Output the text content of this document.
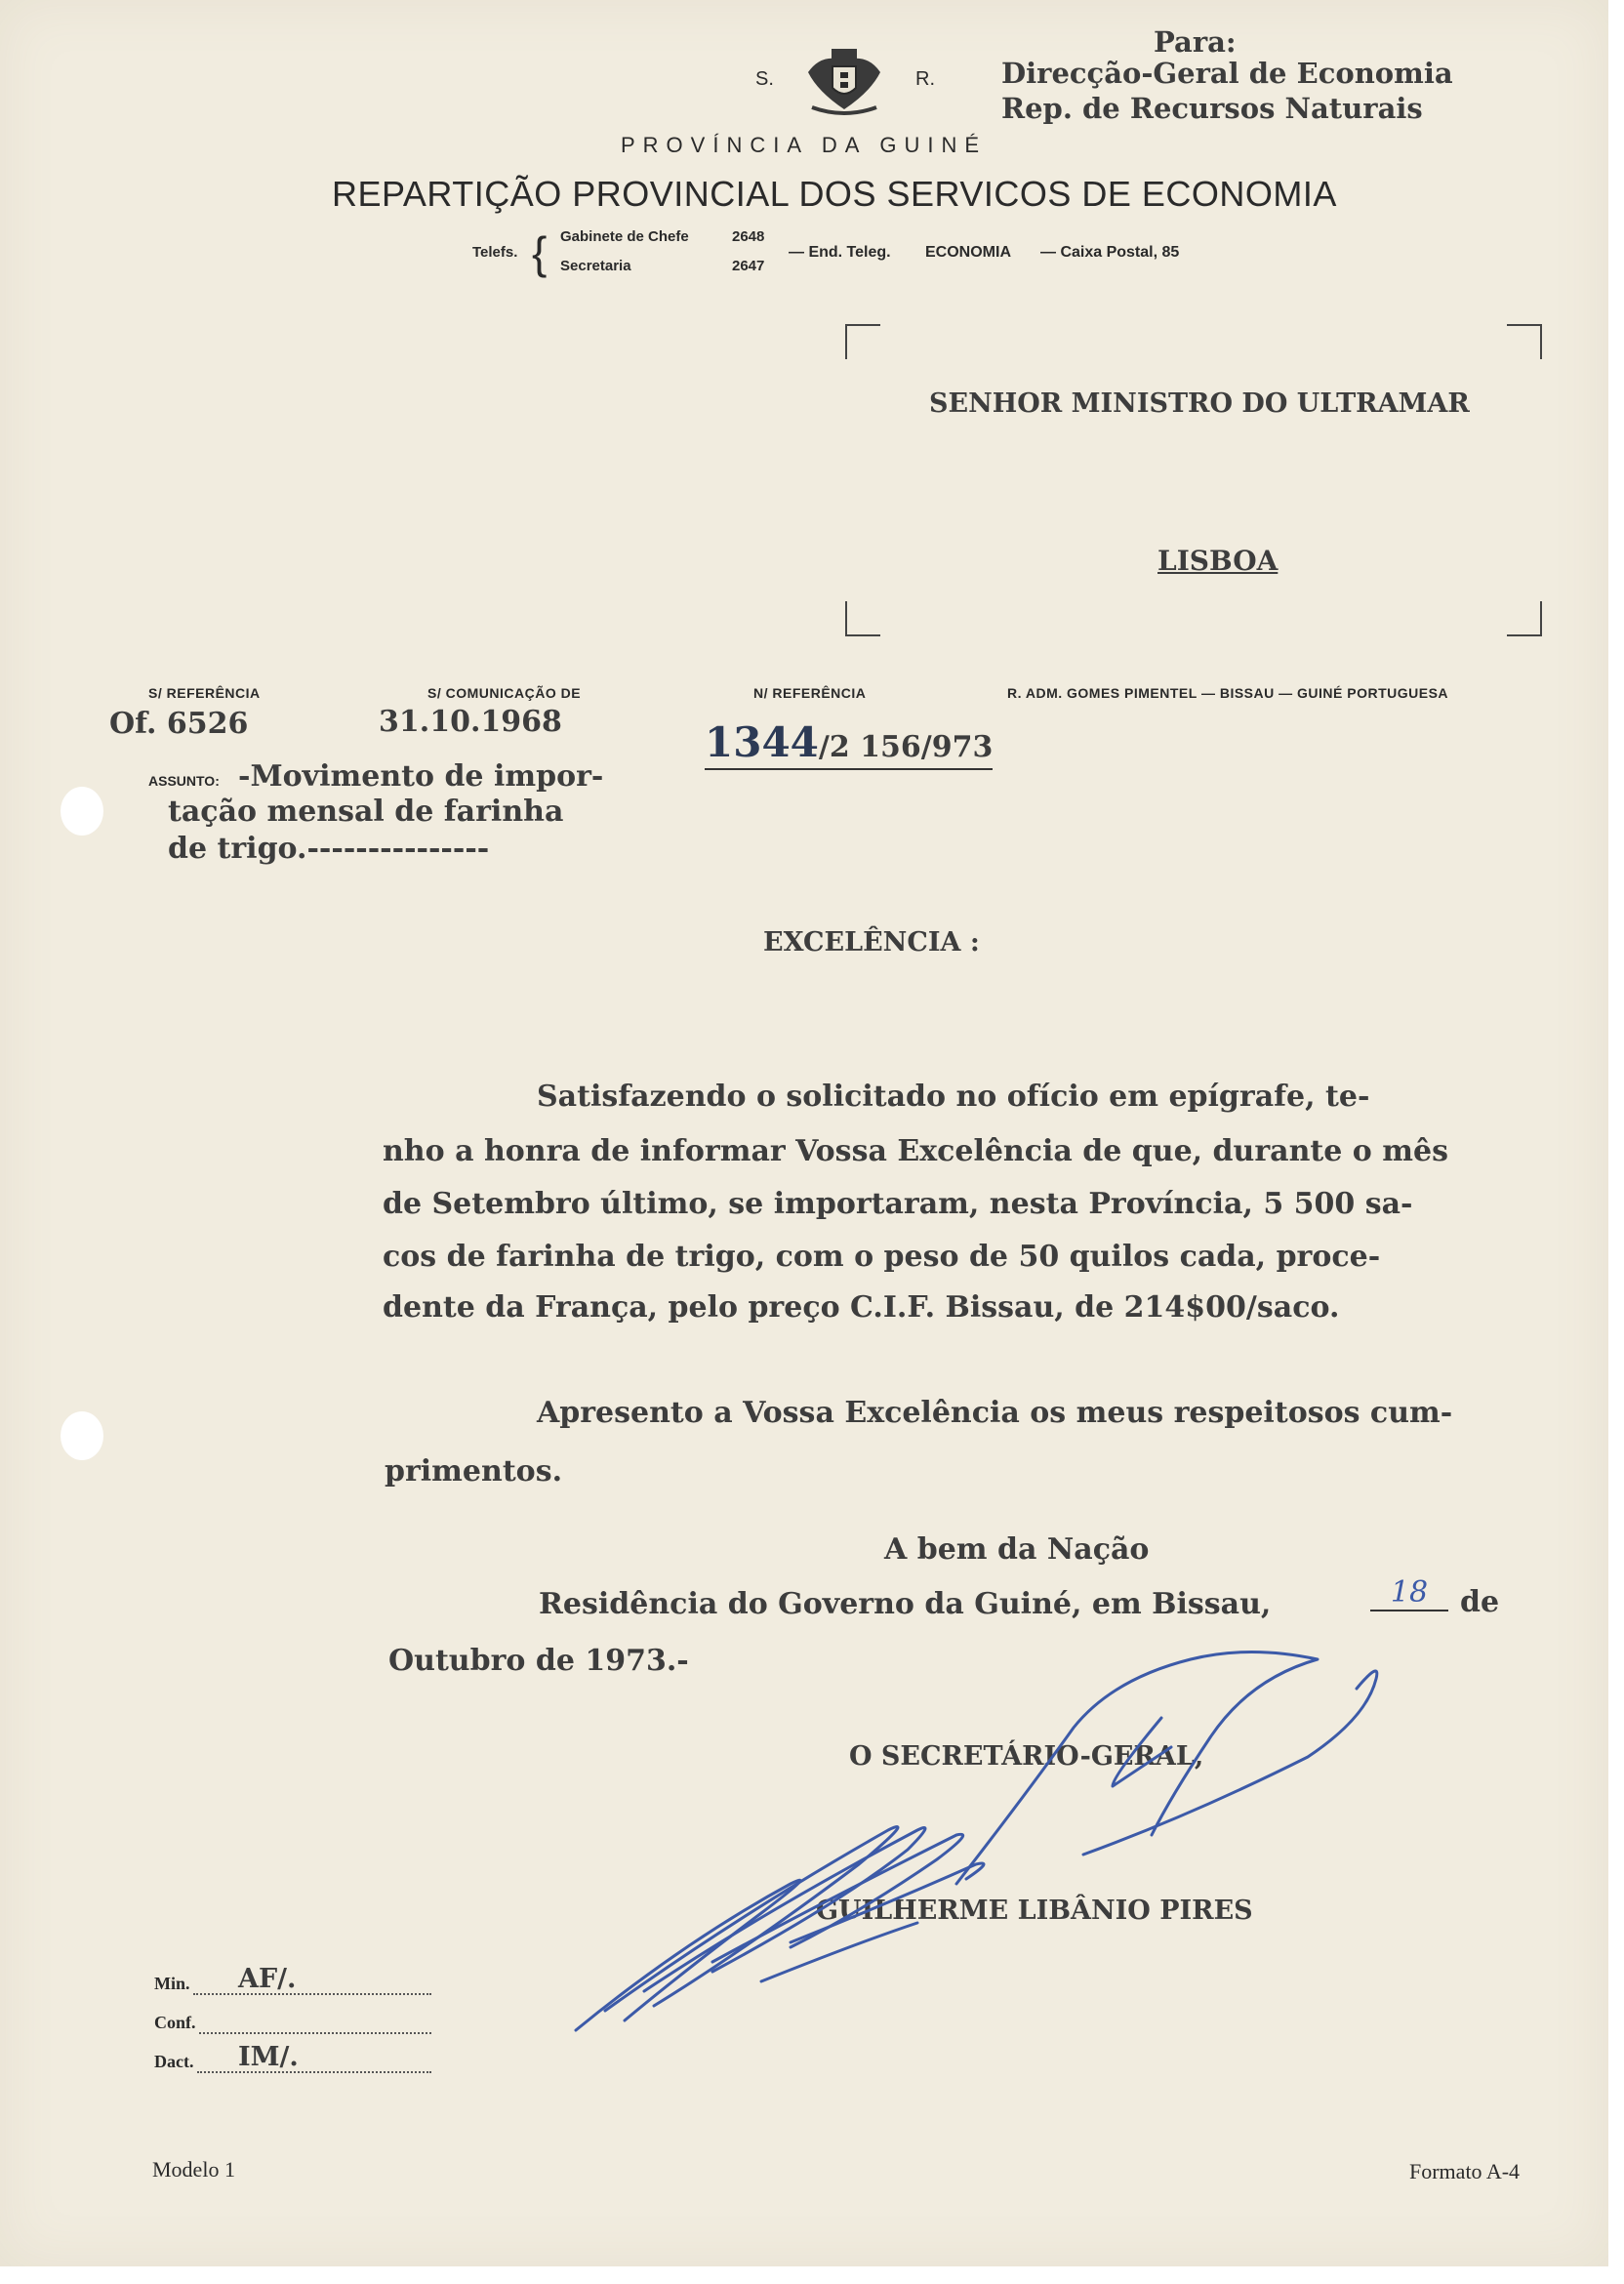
Para:
Direcção-Geral de Economia
Rep. de Recursos Naturais
S.	R.
PROVÍNCIA DA GUINÉ
REPARTIÇÃO PROVINCIAL DOS SERVICOS DE ECONOMIA
Telefs. { Gabinete de Chefe	2648
Secretaria	2647
— End. Teleg. ECONOMIA — Caixa Postal, 85
SENHOR MINISTRO DO ULTRAMAR
LISBOA
S/ REFERÊNCIA
Of. 6526
S/ COMUNICAÇÃO DE
31.10.1968
N/ REFERÊNCIA
1344/2 156/973
R. ADM. GOMES PIMENTEL — BISSAU — GUINÉ PORTUGUESA
ASSUNTO: -Movimento de impor-
tação mensal de farinha
de trigo.---------------
EXCELÊNCIA :
Satisfazendo o solicitado no ofício em epígrafe, te-
nho a honra de informar Vossa Excelência de que, durante o mês
de Setembro último, se importaram, nesta Província, 5 500 sa-
cos de farinha de trigo, com o peso de 50 quilos cada, proce-
dente da França, pelo preço C.I.F. Bissau, de 214$00/saco.
Apresento a Vossa Excelência os meus respeitosos cum-
primentos.
A bem da Nação
Residência do Governo da Guiné, em Bissau,	18	de
Outubro de 1973.-
O SECRETÁRIO-GERAL,
GUILHERME LIBÂNIO PIRES
Min. AF/.
Conf.
Dact. IM/.
Modelo 1	Formato A-4
